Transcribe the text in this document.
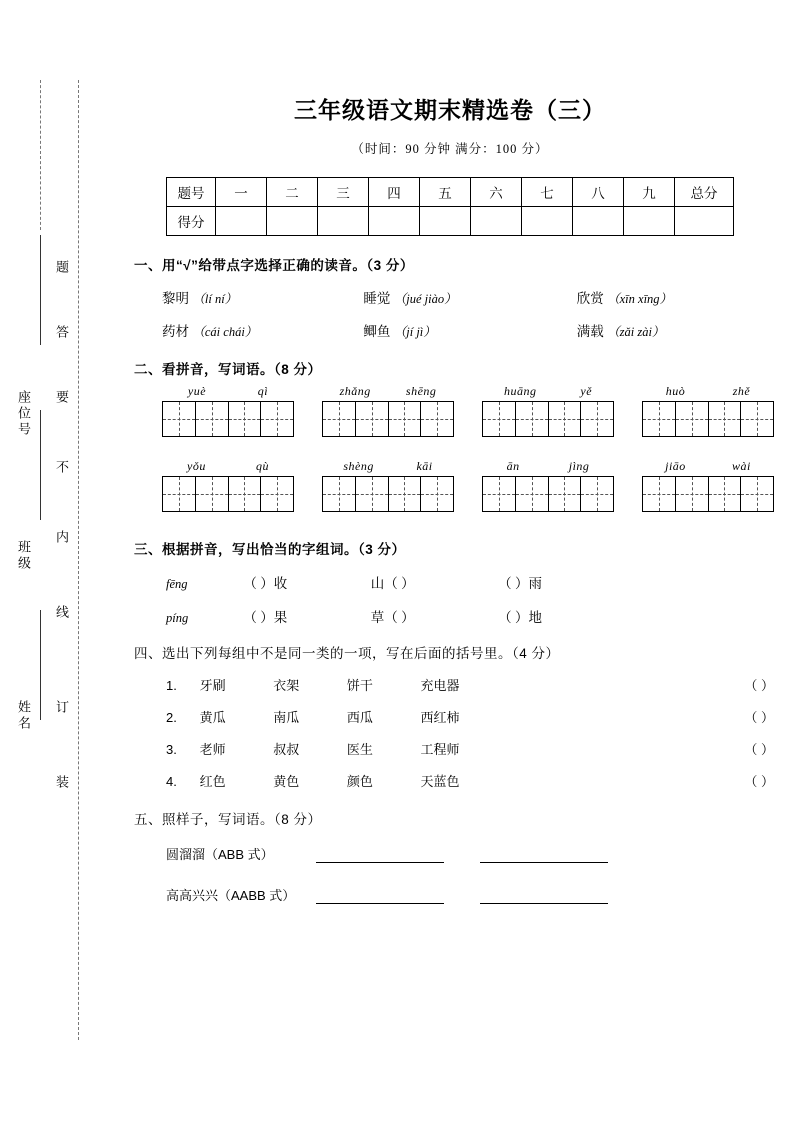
题
答
要
不
内
线
订
装
座位号
班级
姓名
三年级语文期末精选卷（三）
（时间：90 分钟 满分：100 分）
题号	一	二	三	四	五	六	七	八	九	总分
得分										
一、用“√”给带点字选择正确的读音。（3 分）
黎明 （lí ní）	睡觉 （jué jiào）	欣赏 （xīn xīng）
药材 （cái chái）	鲫鱼 （jí jì）	满载 （zǎi zài）
二、看拼音，写词语。（8 分）
yuè	qì	zhǎng	shēng	huāng	yě	huò	zhě
yǒu	qù	shèng	kāi	ān	jìng	jiāo	wài
三、根据拼音，写出恰当的字组词。（3 分）
fēng	（ ）收	山（ ）	（ ）雨
píng	（ ）果	草（ ）	（ ）地
四、选出下列每组中不是同一类的一项，写在后面的括号里。（4 分）
1. 牙刷	衣架	饼干	充电器	（ ）
2. 黄瓜	南瓜	西瓜	西红柿	（ ）
3. 老师	叔叔	医生	工程师	（ ）
4. 红色	黄色	颜色	天蓝色	（ ）
五、照样子，写词语。（8 分）
圆溜溜（ABB 式）
高高兴兴（AABB 式）
